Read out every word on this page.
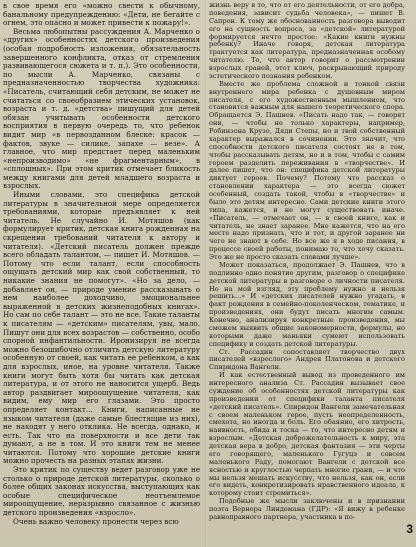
в свое время его «можно свести к обычному, банальному предупреждению: «Дети, не бегайте с огнем, это опасно и может привести к пожару!».

Весьма любопытны рассуждения А. Марченко о «других» особенностях детского произведения (особая подробность изложения, обязательность завершенного конфликта, отказ от стремления развивающегося сюжета и т. п.). Это особенности, по мысли А. Марченко, связаны с предназначенностью творчества художника: «Писатель, считающий себя детским, не может не считаться со своеобразием этических установок, возраста и т. д. «детства» пишущий для детей обязан учитывать особенности детского восприятия в первую очередь то, что ребенок видит мир «в первозданном блеске: красок — фактов, звуке — силике, запахе — везе». А главное, что мир предстает перед маленьким «непроизводимо» «не фрагментарным», в «сплошных». При этом критик отмечает бликость между книгами для детей младшего возраста и взрослых.

Иными словами, это специфика детской литературы в значительной мере определяется требованиями, которые предъявляет к ней читатель. Не случайно И. Мотяшов (как формулирует критик, детская книга рожденная на скрещении требований читателя к автору и читателя). «Детский писатель должен прежде всего обладать талантом, — пишет И. Мотяшов. — Потому что если талант, если способность ощущать детский мир как свой собственный, то никакие знания не помогут». «Но за дело, — добавляет он, — природе умение рассказывать о нем наиболее доходчиво, эмоциональнее выраженной в детских жизнеподобных книгах». Но сам по себе талант — это не все. Такие таланты к писателям — «детским» писателям, увы, мало. Пишут они для всех возрастов — собственно, особо спорной инфантильности. Иронизируя не всегда можно безошибочно отличить детскую литературу особенную от своей, как читать ее ребенком, а как для взрослых, иное, на уровне читателя. Также книги могут быть хотя бы читать как детская литература, и от этого не наносится ущерб. Ведь автор раздвигает мироощущение читателя, как видим, ему мир его глазами. Это просто определяет контакт... Книги, написанные не языком читателя (даже самые блестящие из них), не находят у него отклика. Не всегда, однако, и есть. Так что на поверхности и все дети так думают, а не в том. И это книги тем не менее читаются. Потому что хорошие детские книги можно прочесть на разных этапах жизни.

Это критик по существу ведет разговор уже не столько о природе детской литературы, сколько о более общих законах искусства, выступающих как особые специфическое неотъемлемое мироощущение, неразрывно связанное с жизнью детского произведения «взросло».

Очень важно человеку пронести через всю

жизнь веру в то, что от его деятельности, от его добра, поведения, зависит судьба человека», — пишет В. Сапрон. К тому же обоснованность разговора выводит его на сущность вопроса, за «детской» литературой формируется нечто простое: «Какие книги нужны ребенку? Иначе говоря, детская литература трактуется как литература, предназначенная особому читателю. То, что автор говорит о рассмотрении взрослых граней, этот ключ, раскрывающий природу эстетического познания ребенком.

Вместе же проблема сложной и тонкой связи внутреннего мира ребенка с душевным миром писателя, с его художественным мышлением, что становится важным для нашего теоретического спора. Обращается Э. Пашнев. «Писать надо так, — говорят они, — чтобы не только характеры, например, Робинзона Крузо, Дяди Степы, но и твой собственный характер выражался в сочинении. Это значит, что способности детского писателя состоят не в том, чтобы рассказывать детям, но и в том, чтобы с самим героем разделить переживания в «творчестве». И далее пишет, что он: специфика детской литературы диктует героев. Почему? Потому что рассказ о становлении характера — это всегда сюжет особенный, создать такой, чтобы в «творчестве» и было это детям интересно. Сами детские книги этого типа, кажется, и не могут существовать иначе. «Писатель, — отмечает он, — в своей книге, как и читатель, не знает заранее. Мне кажется, что на его месте надо признать, что и тот, и другой заранее ни чего не знают в себе. Но все же я в ходе писания, в процессе своей работы, понимаю то, что хочу сказать. Это же не просто сказать словами лучше».

Может показаться, продолжает Э. Пашнев, что в подлинно одно понятие другим, разговор о специфике детской литературы в разговоре о личности писателя. Но на мой взгляд, эту проблему нужно и нельзя решить...» И «детских писателей нужно угадать, в факт рождения в семейно-поколенческом, тематике, и произведениях, они будут писать многим самым. Конечно, анализируя конкретные произведения, мы сможем выявить общие закономерности, формулы, но которыми даже маньяки сумеют использовать специфику и создать детской литературы.

Ст. Рассадин сопоставляет творчество двух писателей «взрослого» Андрея Платонова и детского Спиридона Вангели.

И как естественный вывод из проведенного им интересного анализа Ст. Рассадин вызывает свое суждение об особенностях детской литературы как произведении от специфики таланта писателя «детский писатель». Спиридон Вангели замечательная с своем маленьком герое, пусть неопределенность, смехота, но иногда и боль. Его обаяние, его хитрость, наивность, обида и тоска — то, что интересно детям и взрослым. «Детская доброжелательность к миру, эта детская вера в добро, детская фантазия — эти черты его говорящего, маленького Гугуцэ и совсем маленького Раду, помогают Вангели с детской все ясностью и круглостью черпать многие грани, — и что мы нельзя мешать искусству, что нельзя, как он, если его видеть, конкретизировать нравственного идеала, к которому стоит стремиться».

Подобные же мысли заключены и в признании поэта Вернера Линдемана (ГДР): «Я вижу в ребенке равноправного партнера, участника в по-

3
